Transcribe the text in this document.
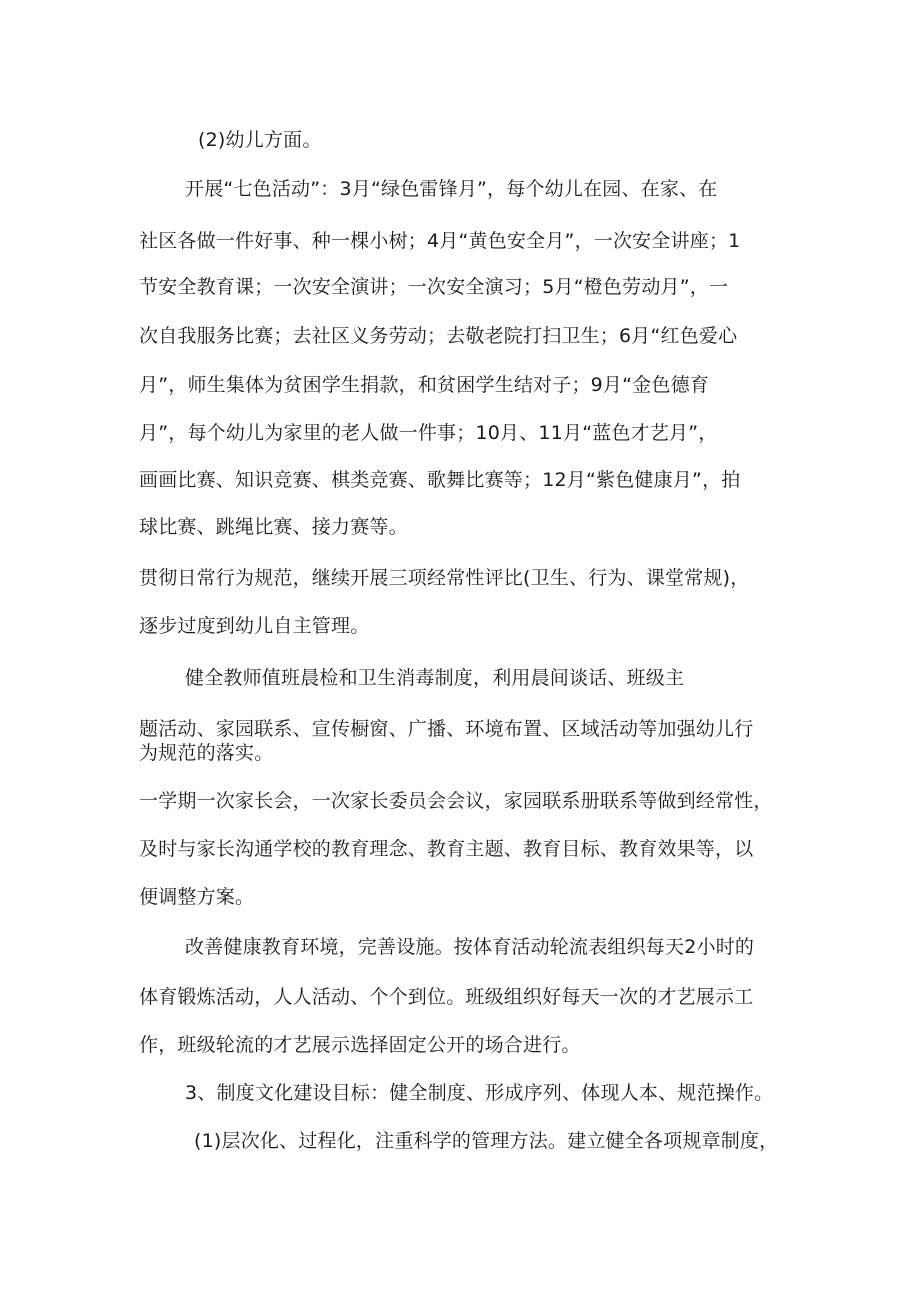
(2)幼儿方面。
开展“七色活动”：3月“绿色雷锋月”，每个幼儿在园、在家、在
社区各做一件好事、种一棵小树；4月“黄色安全月”，一次安全讲座；1
节安全教育课；一次安全演讲；一次安全演习；5月“橙色劳动月”，一
次自我服务比赛；去社区义务劳动；去敬老院打扫卫生；6月“红色爱心
月”，师生集体为贫困学生捐款，和贫困学生结对子；9月“金色德育
月”，每个幼儿为家里的老人做一件事；10月、11月“蓝色才艺月”，
画画比赛、知识竞赛、棋类竞赛、歌舞比赛等；12月“紫色健康月”，拍
球比赛、跳绳比赛、接力赛等。
贯彻日常行为规范，继续开展三项经常性评比(卫生、行为、课堂常规)，
逐步过度到幼儿自主管理。
健全教师值班晨检和卫生消毒制度，利用晨间谈话、班级主
题活动、家园联系、宣传橱窗、广播、环境布置、区域活动等加强幼儿行
为规范的落实。
一学期一次家长会，一次家长委员会会议，家园联系册联系等做到经常性，
及时与家长沟通学校的教育理念、教育主题、教育目标、教育效果等，以
便调整方案。
改善健康教育环境，完善设施。按体育活动轮流表组织每天2小时的
体育锻炼活动，人人活动、个个到位。班级组织好每天一次的才艺展示工
作，班级轮流的才艺展示选择固定公开的场合进行。
3、制度文化建设目标：健全制度、形成序列、体现人本、规范操作。
(1)层次化、过程化，注重科学的管理方法。建立健全各项规章制度，
